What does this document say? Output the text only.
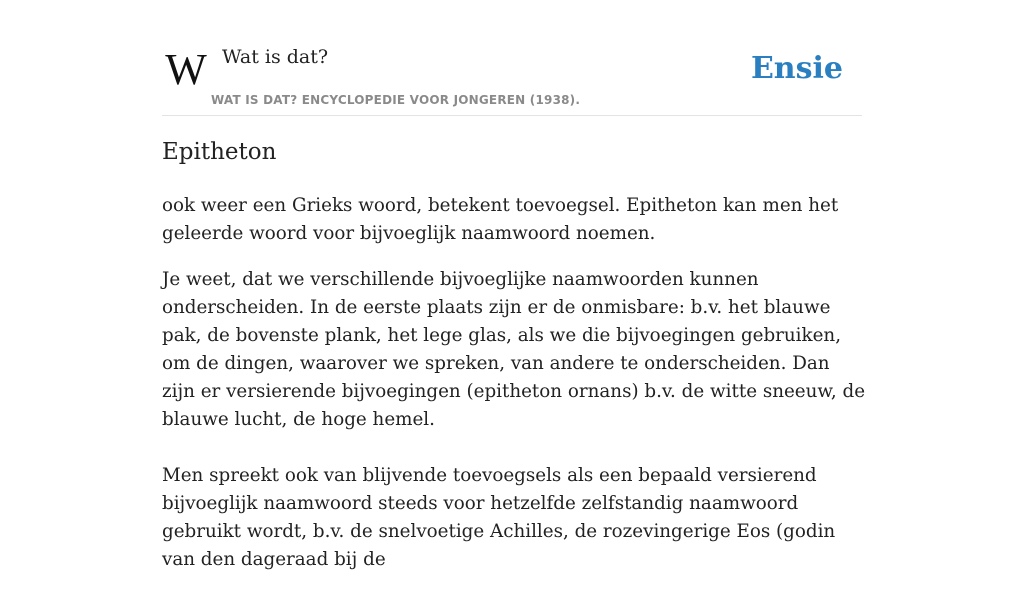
W Wat is dat?
WAT IS DAT? ENCYCLOPEDIE VOOR JONGEREN (1938).
Ensie
Epitheton

ook weer een Grieks woord, betekent toevoegsel. Epitheton kan men het geleerde woord voor bijvoeglijk naamwoord noemen.

Je weet, dat we verschillende bijvoeglijke naamwoorden kunnen onderscheiden. In de eerste plaats zijn er de onmisbare: b.v. het blauwe pak, de bovenste plank, het lege glas, als we die bijvoegingen gebruiken, om de dingen, waarover we spreken, van andere te onderscheiden. Dan zijn er versierende bijvoegingen (epitheton ornans) b.v. de witte sneeuw, de blauwe lucht, de hoge hemel.

Men spreekt ook van blijvende toevoegsels als een bepaald versierend bijvoeglijk naamwoord steeds voor hetzelfde zelfstandig naamwoord gebruikt wordt, b.v. de snelvoetige Achilles, de rozevingerige Eos (godin van den dageraad bij de
